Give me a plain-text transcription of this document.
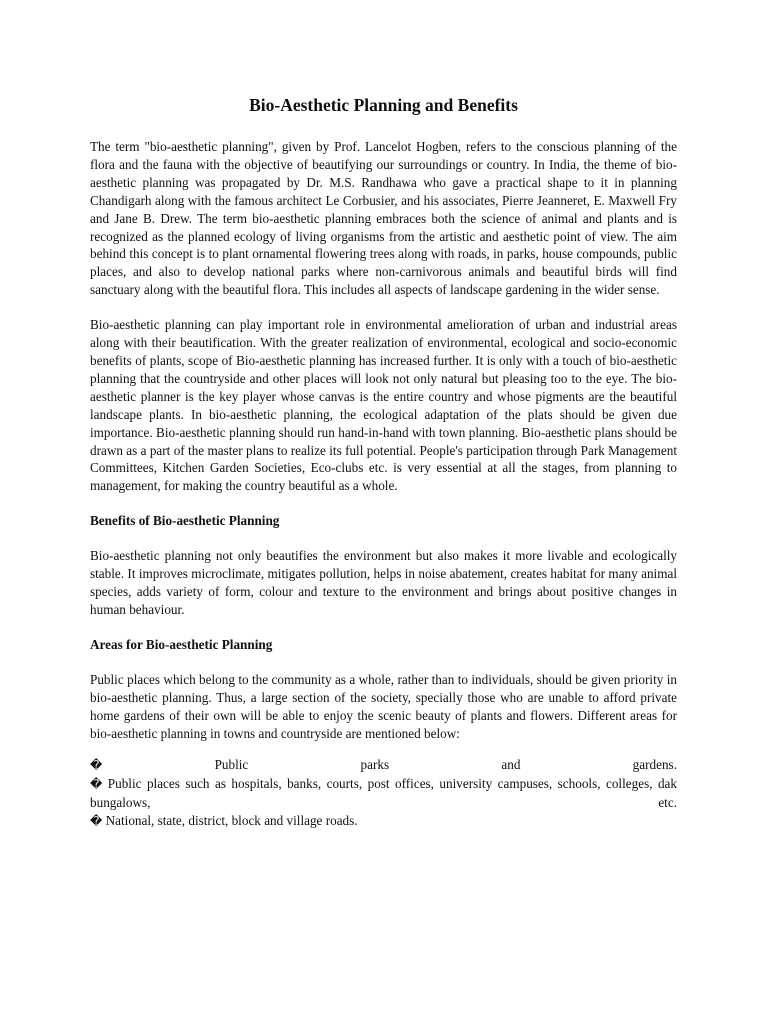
Bio-Aesthetic Planning and Benefits

The term "bio-aesthetic planning", given by Prof. Lancelot Hogben, refers to the conscious planning of the flora and the fauna with the objective of beautifying our surroundings or country. In India, the theme of bio-aesthetic planning was propagated by Dr. M.S. Randhawa who gave a practical shape to it in planning Chandigarh along with the famous architect Le Corbusier, and his associates, Pierre Jeanneret, E. Maxwell Fry and Jane B. Drew. The term bio-aesthetic planning embraces both the science of animal and plants and is recognized as the planned ecology of living organisms from the artistic and aesthetic point of view. The aim behind this concept is to plant ornamental flowering trees along with roads, in parks, house compounds, public places, and also to develop national parks where non-carnivorous animals and beautiful birds will find sanctuary along with the beautiful flora. This includes all aspects of landscape gardening in the wider sense.

Bio-aesthetic planning can play important role in environmental amelioration of urban and industrial areas along with their beautification. With the greater realization of environmental, ecological and socio-economic benefits of plants, scope of Bio-aesthetic planning has increased further. It is only with a touch of bio-aesthetic planning that the countryside and other places will look not only natural but pleasing too to the eye. The bio-aesthetic planner is the key player whose canvas is the entire country and whose pigments are the beautiful landscape plants. In bio-aesthetic planning, the ecological adaptation of the plats should be given due importance. Bio-aesthetic planning should run hand-in-hand with town planning. Bio-aesthetic plans should be drawn as a part of the master plans to realize its full potential. People's participation through Park Management Committees, Kitchen Garden Societies, Eco-clubs etc. is very essential at all the stages, from planning to management, for making the country beautiful as a whole.

Benefits of Bio-aesthetic Planning

Bio-aesthetic planning not only beautifies the environment but also makes it more livable and ecologically stable. It improves microclimate, mitigates pollution, helps in noise abatement, creates habitat for many animal species, adds variety of form, colour and texture to the environment and brings about positive changes in human behaviour.

Areas for Bio-aesthetic Planning

Public places which belong to the community as a whole, rather than to individuals, should be given priority in bio-aesthetic planning. Thus, a large section of the society, specially those who are unable to afford private home gardens of their own will be able to enjoy the scenic beauty of plants and flowers. Different areas for bio-aesthetic planning in towns and countryside are mentioned below:

�	Public parks and gardens.
� Public places such as hospitals, banks, courts, post offices, university campuses, schools, colleges, dak bungalows, etc.
� National, state, district, block and village roads.
